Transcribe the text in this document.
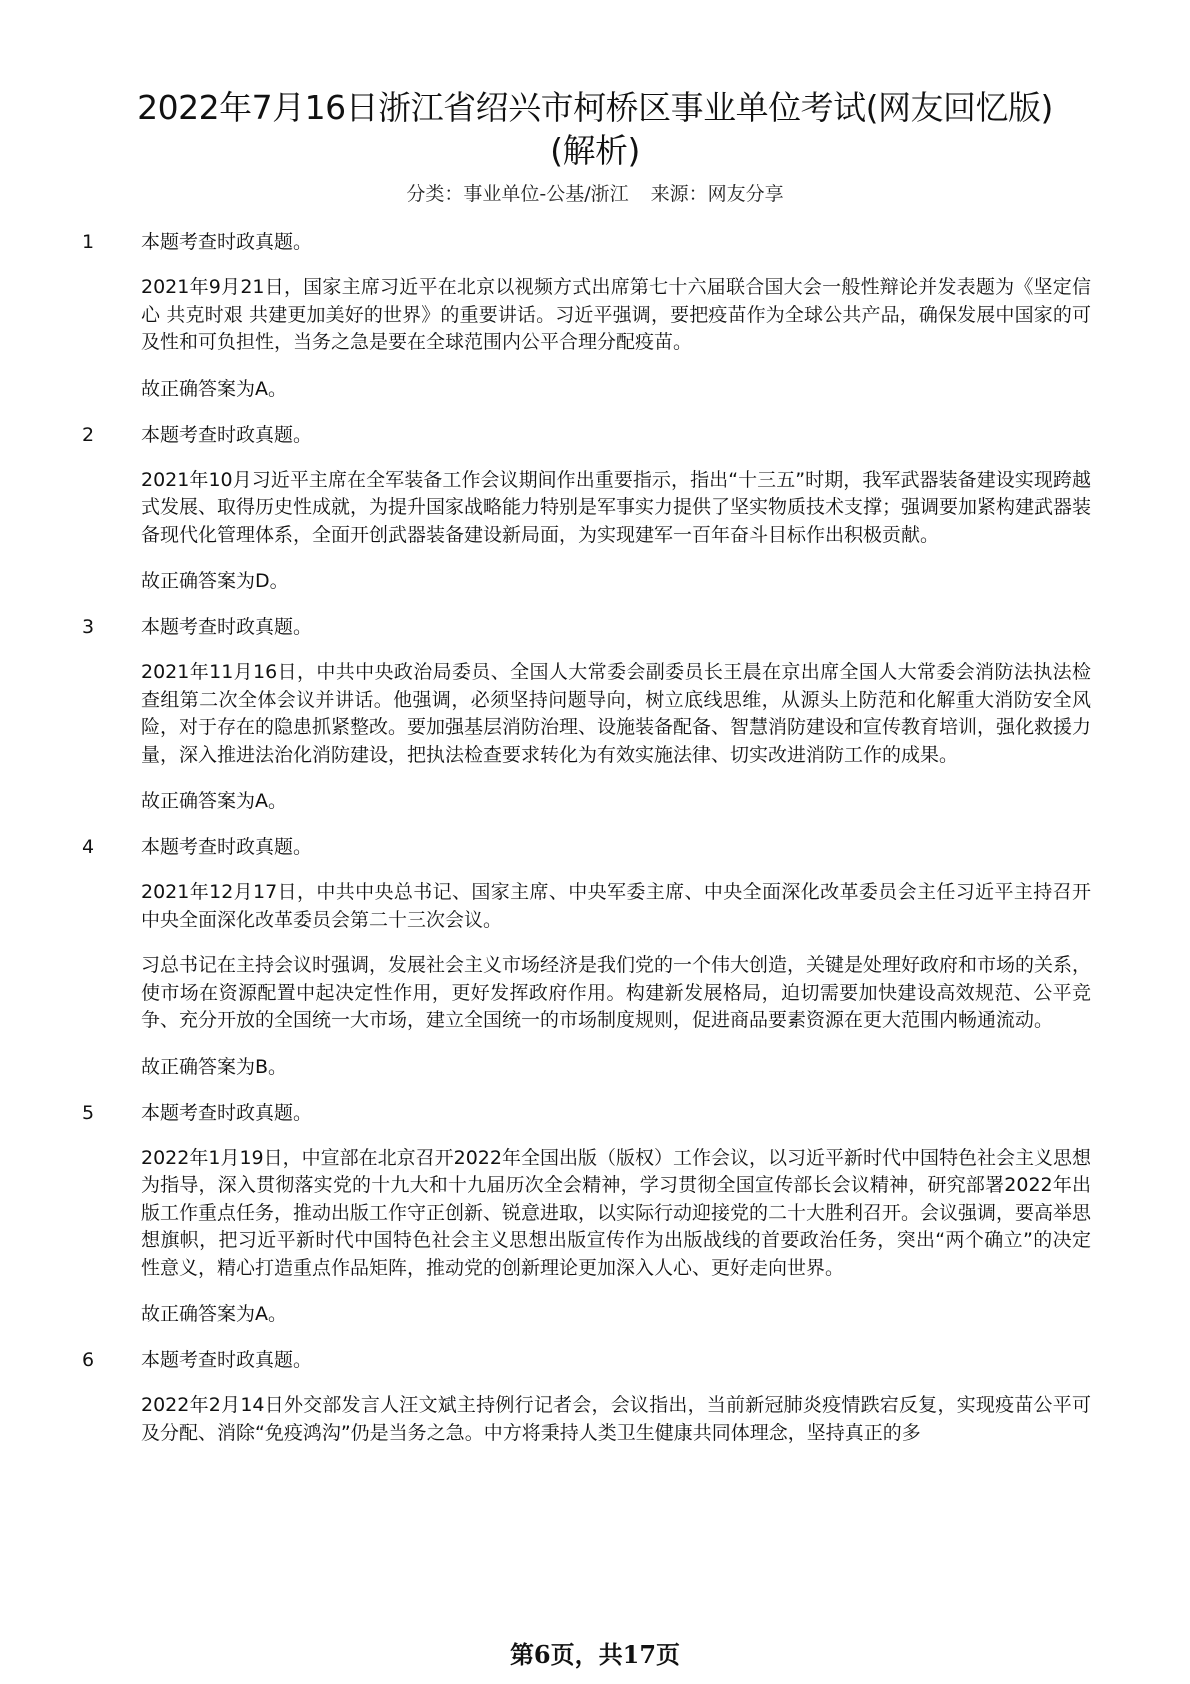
2022年7月16日浙江省绍兴市柯桥区事业单位考试(网友回忆版)
(解析)
分类：事业单位-公基/浙江 来源：网友分享
1 本题考查时政真题。

2021年9月21日，国家主席习近平在北京以视频方式出席第七十六届联合国大会一般性辩论并发表题为《坚定信心 共克时艰 共建更加美好的世界》的重要讲话。习近平强调，要把疫苗作为全球公共产品，确保发展中国家的可及性和可负担性，当务之急是要在全球范围内公平合理分配疫苗。

故正确答案为A。
2 本题考查时政真题。

2021年10月习近平主席在全军装备工作会议期间作出重要指示，指出“十三五”时期，我军武器装备建设实现跨越式发展、取得历史性成就，为提升国家战略能力特别是军事实力提供了坚实物质技术支撑；强调要加紧构建武器装备现代化管理体系，全面开创武器装备建设新局面，为实现建军一百年奋斗目标作出积极贡献。

故正确答案为D。
3 本题考查时政真题。

2021年11月16日，中共中央政治局委员、全国人大常委会副委员长王晨在京出席全国人大常委会消防法执法检查组第二次全体会议并讲话。他强调，必须坚持问题导向，树立底线思维，从源头上防范和化解重大消防安全风险，对于存在的隐患抓紧整改。要加强基层消防治理、设施装备配备、智慧消防建设和宣传教育培训，强化救援力量，深入推进法治化消防建设，把执法检查要求转化为有效实施法律、切实改进消防工作的成果。

故正确答案为A。
4 本题考查时政真题。

2021年12月17日，中共中央总书记、国家主席、中央军委主席、中央全面深化改革委员会主任习近平主持召开中央全面深化改革委员会第二十三次会议。

习总书记在主持会议时强调，发展社会主义市场经济是我们党的一个伟大创造，关键是处理好政府和市场的关系，使市场在资源配置中起决定性作用，更好发挥政府作用。构建新发展格局，迫切需要加快建设高效规范、公平竞争、充分开放的全国统一大市场，建立全国统一的市场制度规则，促进商品要素资源在更大范围内畅通流动。

故正确答案为B。
5 本题考查时政真题。

2022年1月19日，中宣部在北京召开2022年全国出版（版权）工作会议，以习近平新时代中国特色社会主义思想为指导，深入贯彻落实党的十九大和十九届历次全会精神，学习贯彻全国宣传部长会议精神，研究部署2022年出版工作重点任务，推动出版工作守正创新、锐意进取，以实际行动迎接党的二十大胜利召开。会议强调，要高举思想旗帜，把习近平新时代中国特色社会主义思想出版宣传作为出版战线的首要政治任务，突出“两个确立”的决定性意义，精心打造重点作品矩阵，推动党的创新理论更加深入人心、更好走向世界。

故正确答案为A。
6 本题考查时政真题。

2022年2月14日外交部发言人汪文斌主持例行记者会，会议指出，当前新冠肺炎疫情跌宕反复，实现疫苗公平可及分配、消除“免疫鸿沟”仍是当务之急。中方将秉持人类卫生健康共同体理念，坚持真正的多

第6页，共17页
